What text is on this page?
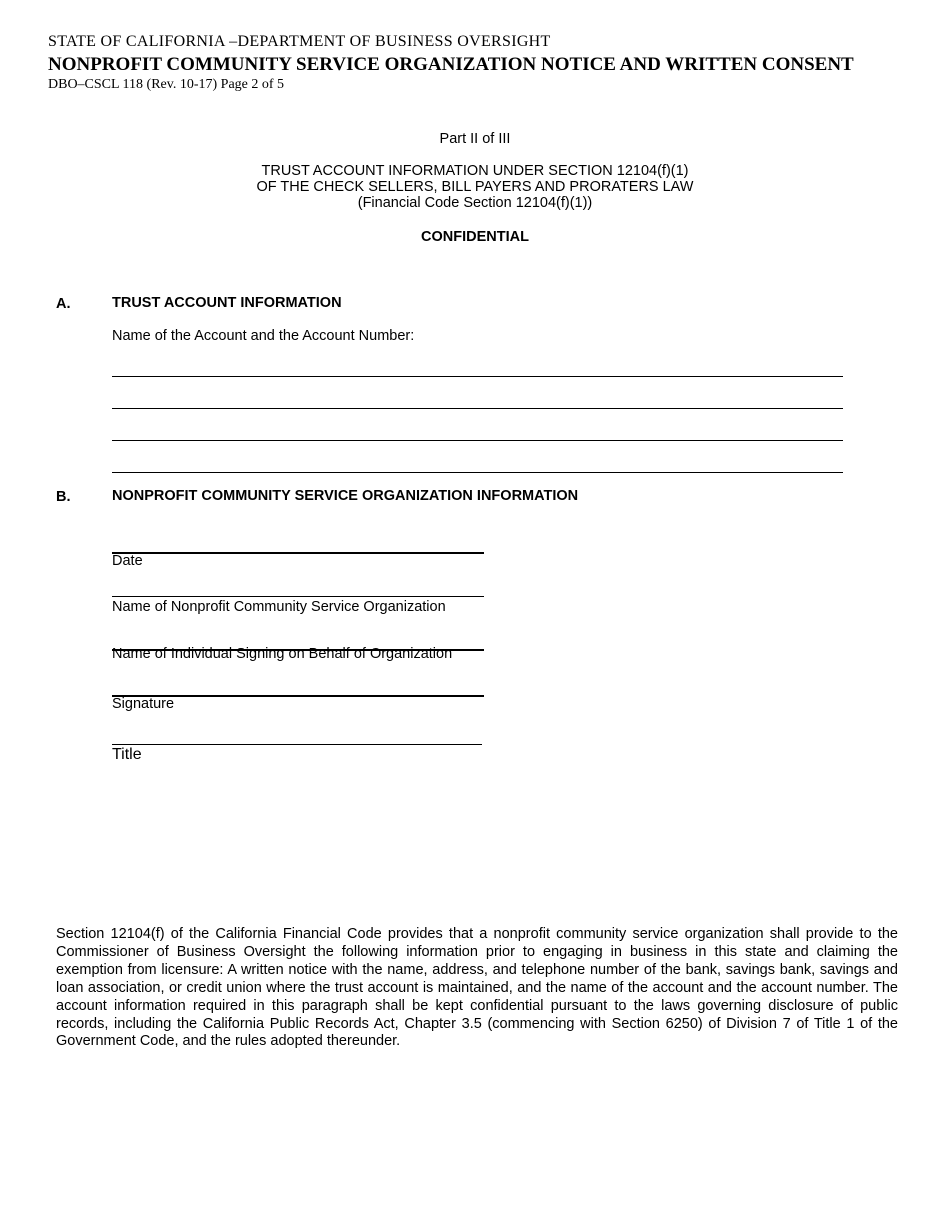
STATE OF CALIFORNIA –DEPARTMENT OF BUSINESS OVERSIGHT
NONPROFIT COMMUNITY SERVICE ORGANIZATION NOTICE AND WRITTEN CONSENT
DBO–CSCL 118 (Rev. 10-17) Page 2 of 5
Part II of III
TRUST ACCOUNT INFORMATION UNDER SECTION 12104(f)(1)
OF THE CHECK SELLERS, BILL PAYERS AND PRORATERS LAW
(Financial Code Section 12104(f)(1))
CONFIDENTIAL
A.	TRUST ACCOUNT INFORMATION
Name of the Account and the Account Number:
B.	NONPROFIT COMMUNITY SERVICE ORGANIZATION INFORMATION
Date
Name of Nonprofit Community Service Organization
Name of Individual Signing on Behalf of Organization
Signature
Title
Section 12104(f) of the California Financial Code provides that a nonprofit community service organization shall provide to the Commissioner of Business Oversight the following information prior to engaging in business in this state and claiming the exemption from licensure: A written notice with the name, address, and telephone number of the bank, savings bank, savings and loan association, or credit union where the trust account is maintained, and the name of the account and the account number. The account information required in this paragraph shall be kept confidential pursuant to the laws governing disclosure of public records, including the California Public Records Act, Chapter 3.5 (commencing with Section 6250) of Division 7 of Title 1 of the Government Code, and the rules adopted thereunder.
